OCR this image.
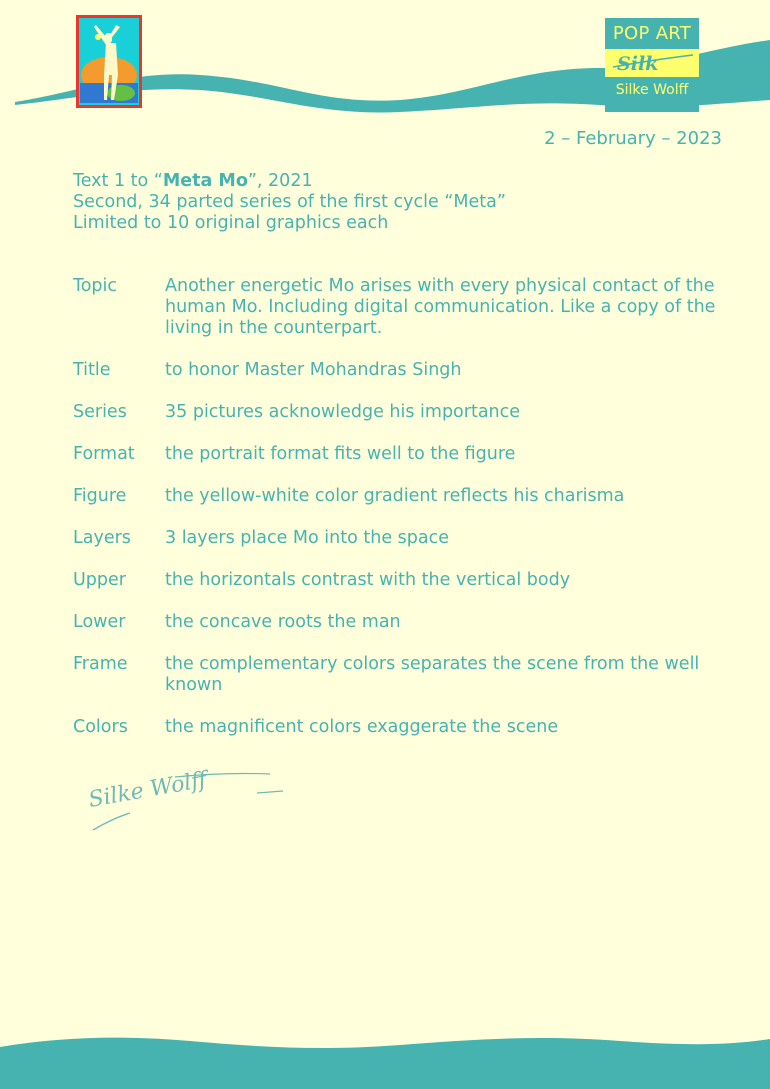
POP ART
Silk
Silke Wolff
2 – February – 2023
Text 1 to “Meta Mo”, 2021
Second, 34 parted series of the first cycle “Meta”
Limited to 10 original graphics each
Topic	Another energetic Mo arises with every physical contact of the human Mo. Including digital communication. Like a copy of the living in the counterpart.
Title	to honor Master Mohandras Singh
Series	35 pictures acknowledge his importance
Format	the portrait format fits well to the figure
Figure	the yellow-white color gradient reflects his charisma
Layers	3 layers place Mo into the space
Upper	the horizontals contrast with the vertical body
Lower	the concave roots the man
Frame	the complementary colors separates the scene from the well known
Colors	the magnificent colors exaggerate the scene
Silke Wolff
